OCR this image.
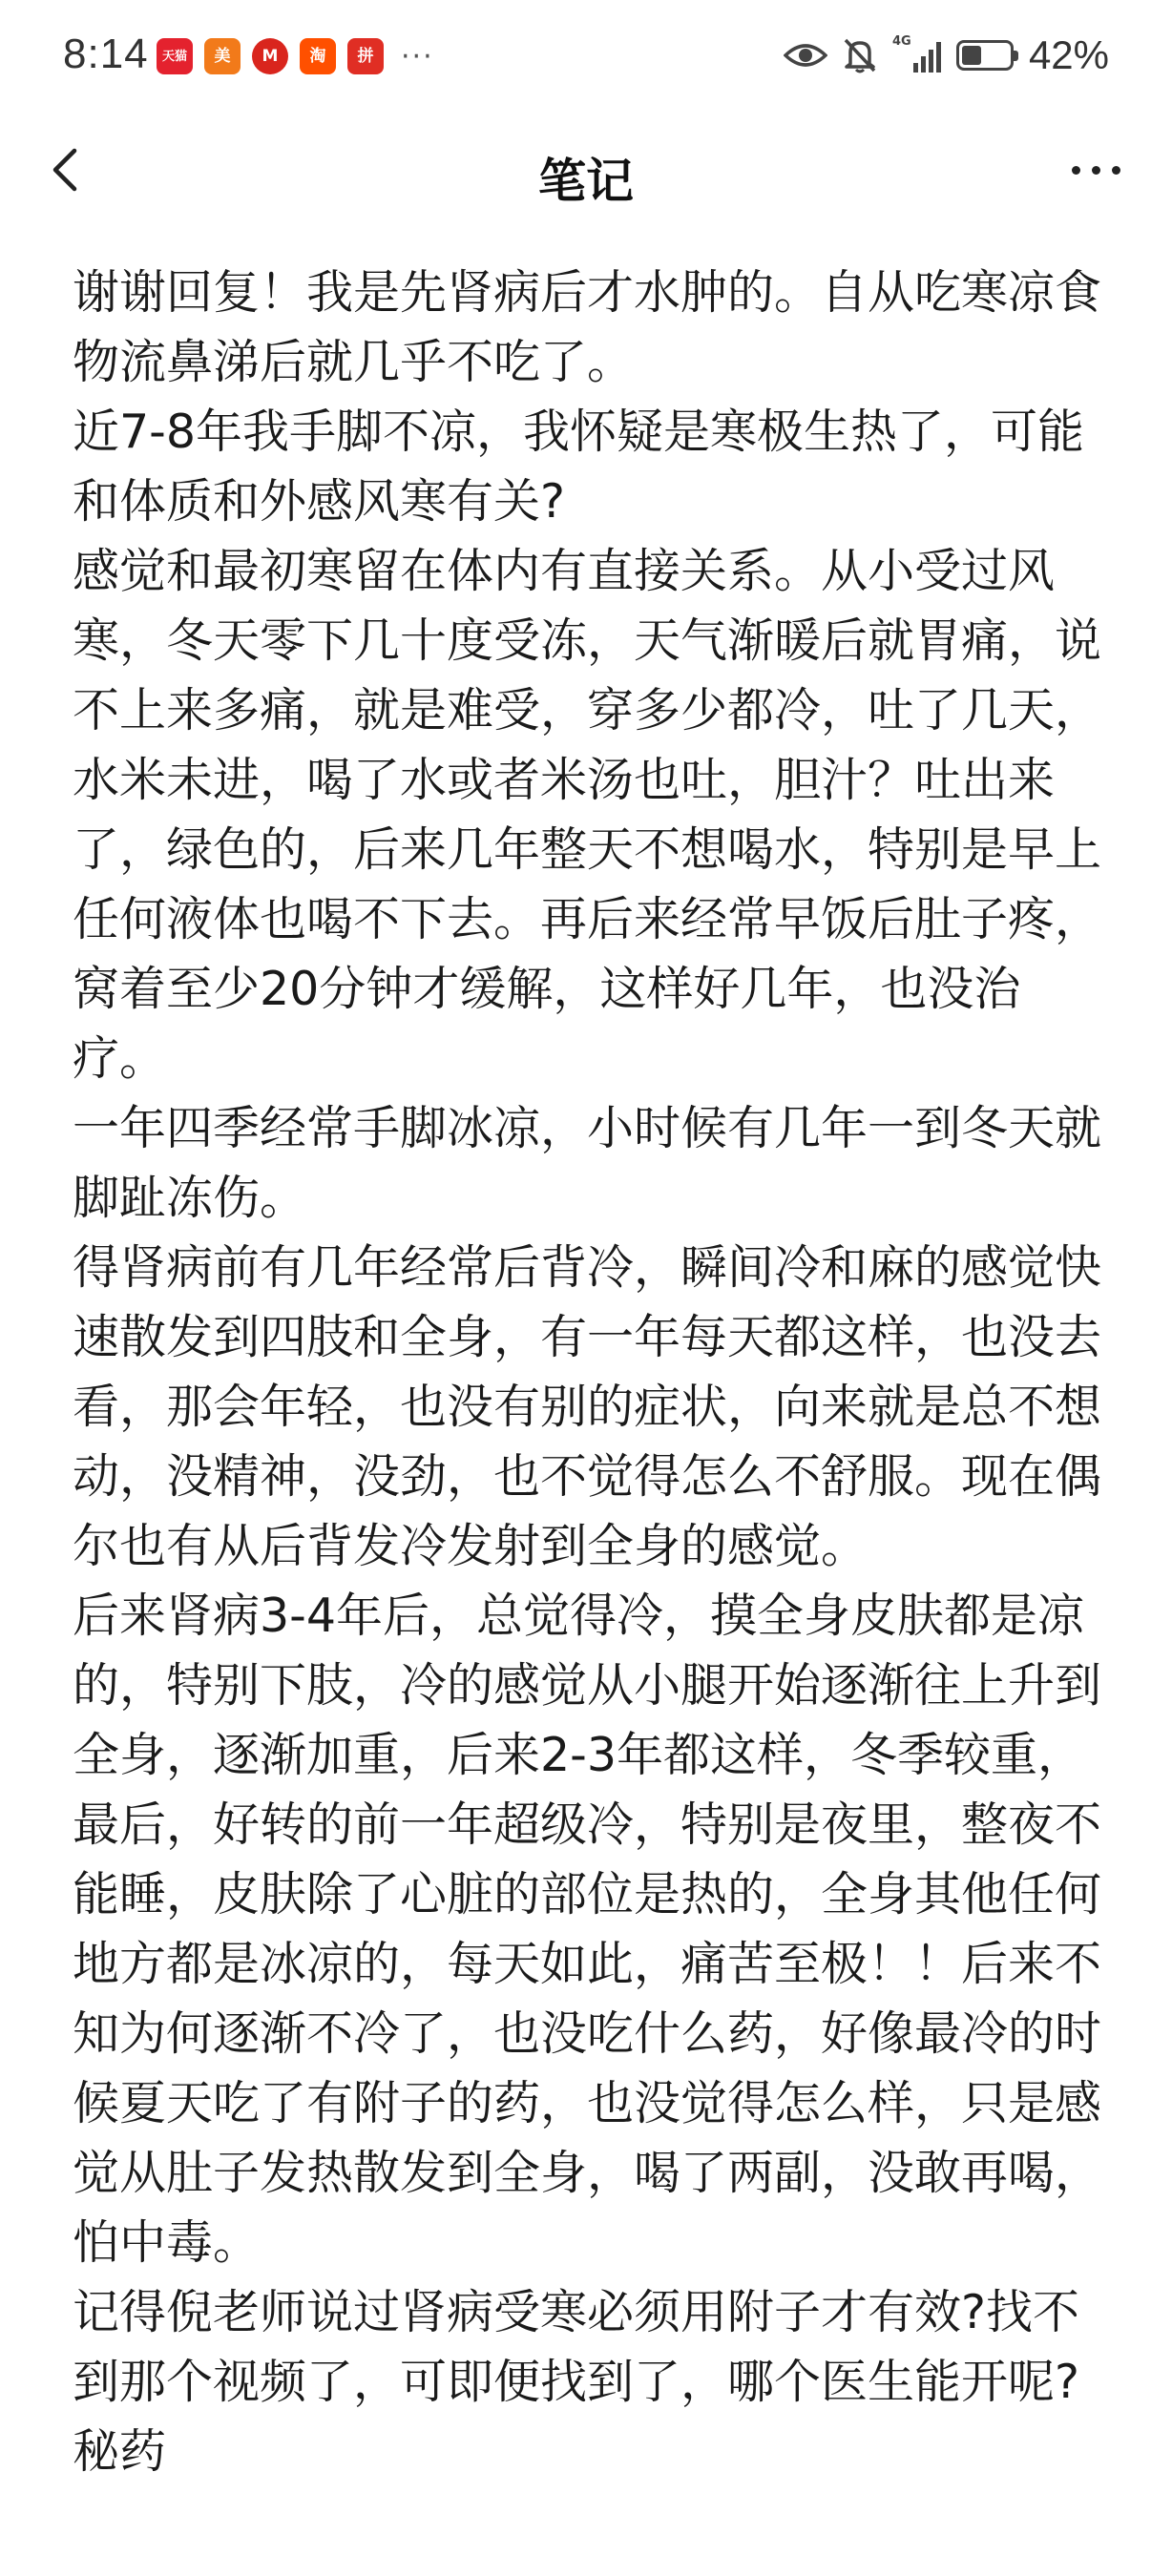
8:14	天猫	美	M	淘	拼 ···	4G	42%
笔记

谢谢回复！我是先肾病后才水肿的。自从吃寒凉食物流鼻涕后就几乎不吃了。

近7-8年我手脚不凉，我怀疑是寒极生热了，可能和体质和外感风寒有关?

感觉和最初寒留在体内有直接关系。从小受过风寒，冬天零下几十度受冻，天气渐暖后就胃痛，说不上来多痛，就是难受，穿多少都冷，吐了几天，水米未进，喝了水或者米汤也吐，胆汁？吐出来了，绿色的，后来几年整天不想喝水，特别是早上任何液体也喝不下去。再后来经常早饭后肚子疼，窝着至少20分钟才缓解，这样好几年，也没治疗。

一年四季经常手脚冰凉，小时候有几年一到冬天就脚趾冻伤。

得肾病前有几年经常后背冷，瞬间冷和麻的感觉快速散发到四肢和全身，有一年每天都这样，也没去看，那会年轻，也没有别的症状，向来就是总不想动，没精神，没劲，也不觉得怎么不舒服。现在偶尔也有从后背发冷发射到全身的感觉。

后来肾病3-4年后，总觉得冷，摸全身皮肤都是凉的，特别下肢，冷的感觉从小腿开始逐渐往上升到全身，逐渐加重，后来2-3年都这样，冬季较重，最后，好转的前一年超级冷，特别是夜里，整夜不能睡，皮肤除了心脏的部位是热的，全身其他任何地方都是冰凉的，每天如此，痛苦至极！！后来不知为何逐渐不冷了，也没吃什么药，好像最冷的时候夏天吃了有附子的药，也没觉得怎么样，只是感觉从肚子发热散发到全身，喝了两副，没敢再喝，怕中毒。

记得倪老师说过肾病受寒必须用附子才有效?找不到那个视频了，可即便找到了，哪个医生能开呢? 秘药
